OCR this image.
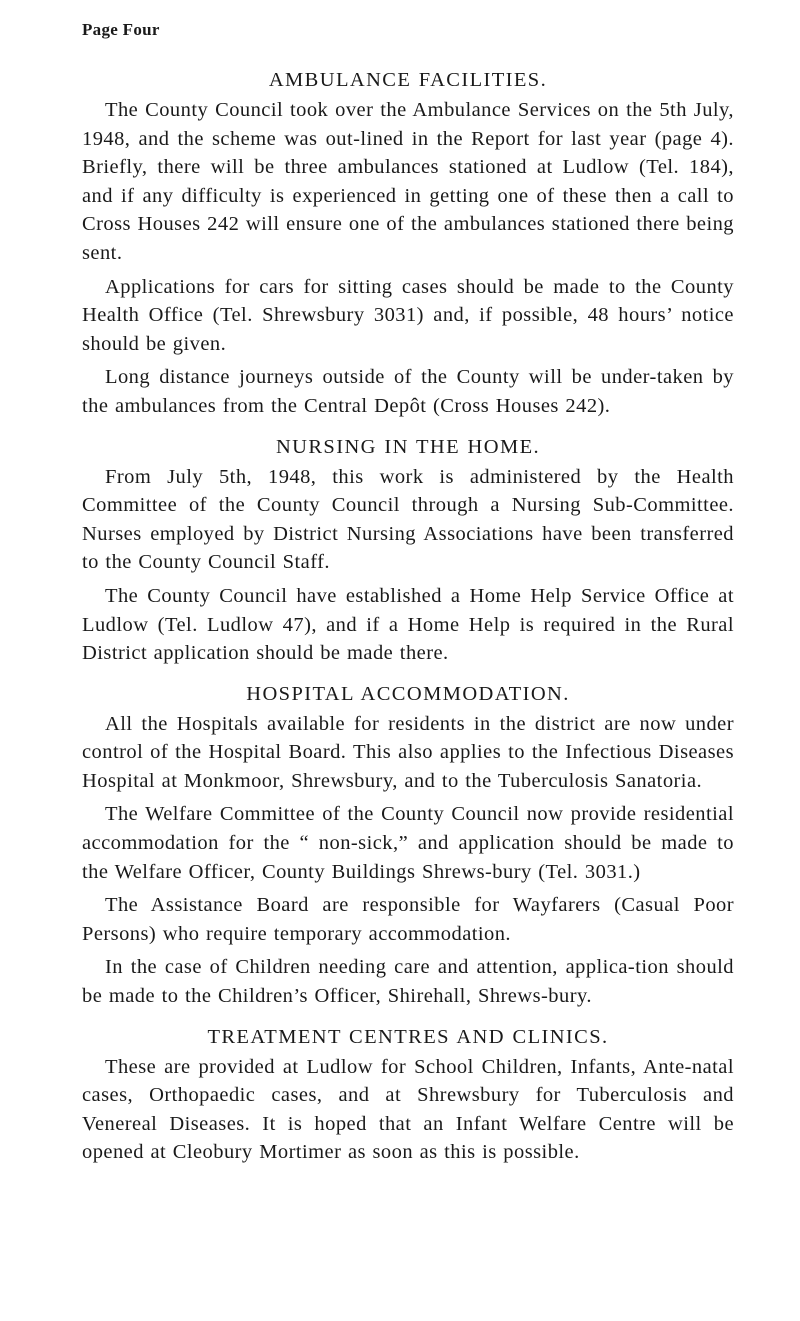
Page Four
AMBULANCE FACILITIES.

The County Council took over the Ambulance Services on the 5th July, 1948, and the scheme was out-lined in the Report for last year (page 4). Briefly, there will be three ambulances stationed at Ludlow (Tel. 184), and if any difficulty is experienced in getting one of these then a call to Cross Houses 242 will ensure one of the ambulances stationed there being sent.

Applications for cars for sitting cases should be made to the County Health Office (Tel. Shrewsbury 3031) and, if possible, 48 hours’ notice should be given.

Long distance journeys outside of the County will be under-taken by the ambulances from the Central Depôt (Cross Houses 242).

NURSING IN THE HOME.

From July 5th, 1948, this work is administered by the Health Committee of the County Council through a Nursing Sub-Committee. Nurses employed by District Nursing Associations have been transferred to the County Council Staff.

The County Council have established a Home Help Service Office at Ludlow (Tel. Ludlow 47), and if a Home Help is required in the Rural District application should be made there.

HOSPITAL ACCOMMODATION.

All the Hospitals available for residents in the district are now under control of the Hospital Board. This also applies to the Infectious Diseases Hospital at Monkmoor, Shrewsbury, and to the Tuberculosis Sanatoria.

The Welfare Committee of the County Council now provide residential accommodation for the “ non-sick,” and application should be made to the Welfare Officer, County Buildings Shrews-bury (Tel. 3031.)

The Assistance Board are responsible for Wayfarers (Casual Poor Persons) who require temporary accommodation.

In the case of Children needing care and attention, applica-tion should be made to the Children’s Officer, Shirehall, Shrews-bury.

TREATMENT CENTRES AND CLINICS.

These are provided at Ludlow for School Children, Infants, Ante-natal cases, Orthopaedic cases, and at Shrewsbury for Tuberculosis and Venereal Diseases. It is hoped that an Infant Welfare Centre will be opened at Cleobury Mortimer as soon as this is possible.
